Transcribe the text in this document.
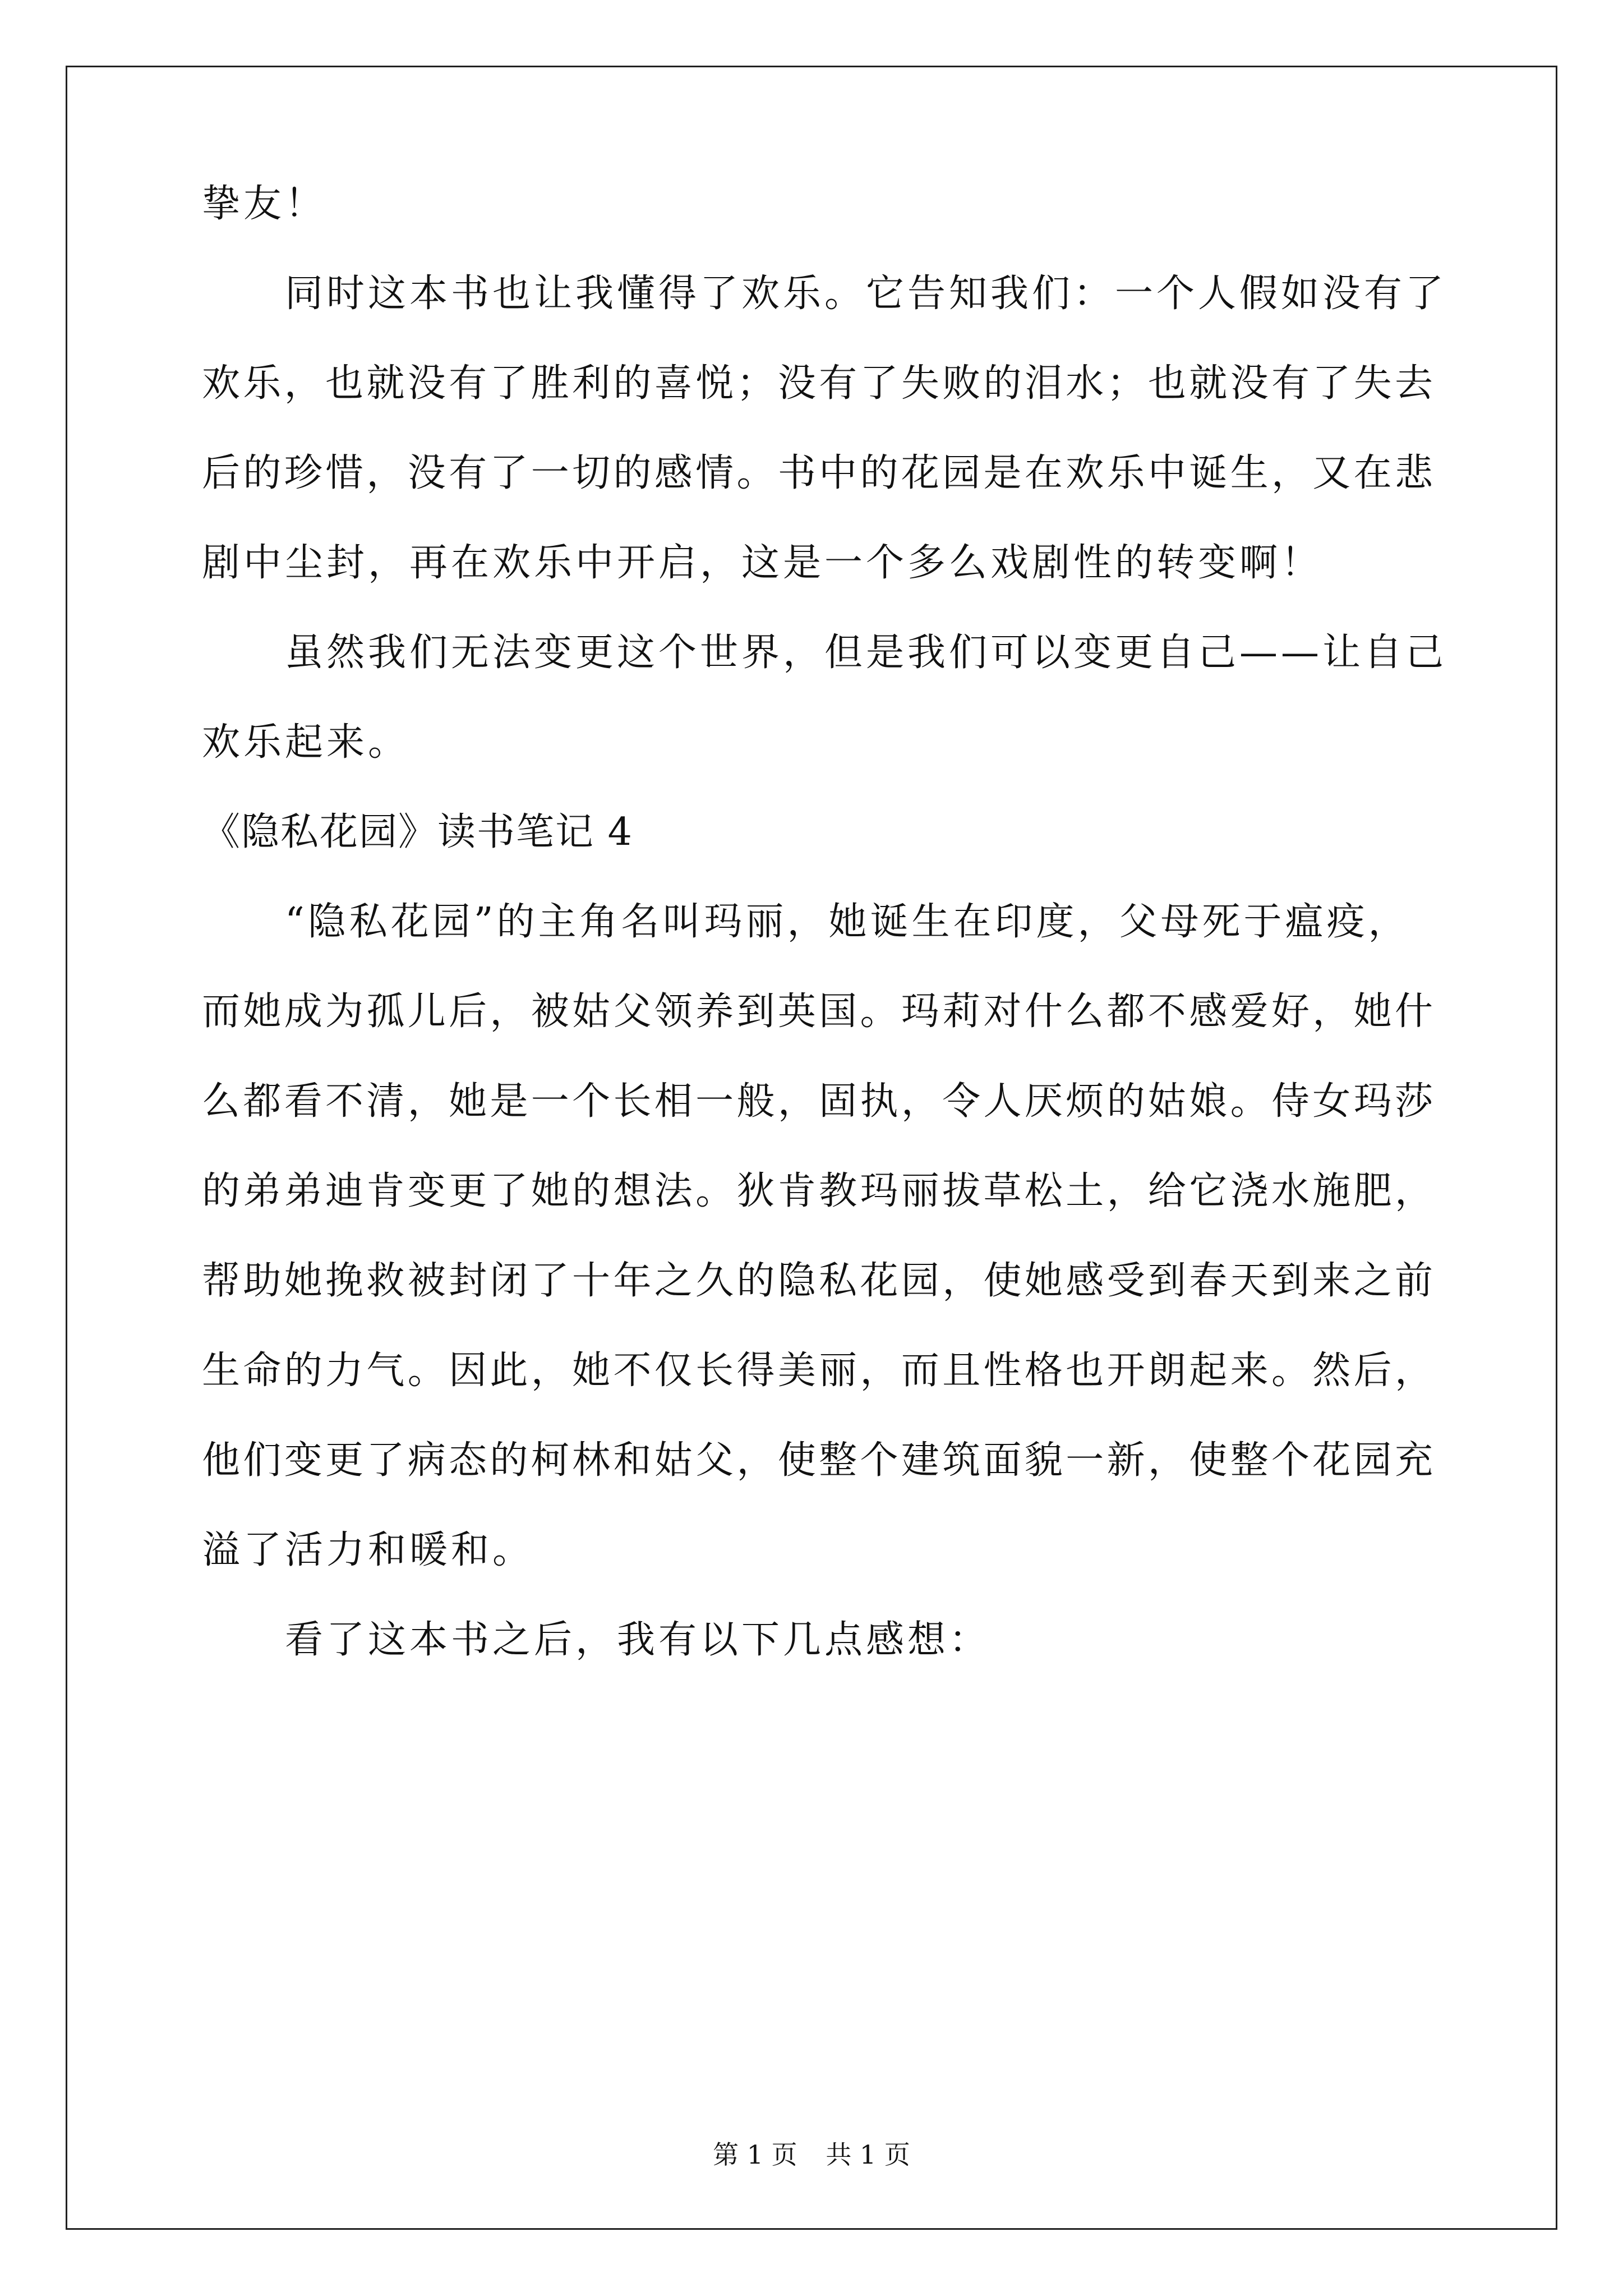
挚友！
同时这本书也让我懂得了欢乐。它告知我们：一个人假如没有了
欢乐，也就没有了胜利的喜悦；没有了失败的泪水；也就没有了失去
后的珍惜，没有了一切的感情。书中的花园是在欢乐中诞生，又在悲
剧中尘封，再在欢乐中开启，这是一个多么戏剧性的转变啊！
虽然我们无法变更这个世界，但是我们可以变更自己——让自己
欢乐起来。
《隐私花园》读书笔记 4
“隐私花园”的主角名叫玛丽，她诞生在印度，父母死于瘟疫，
而她成为孤儿后，被姑父领养到英国。玛莉对什么都不感爱好，她什
么都看不清，她是一个长相一般，固执，令人厌烦的姑娘。侍女玛莎
的弟弟迪肯变更了她的想法。狄肯教玛丽拔草松土，给它浇水施肥，
帮助她挽救被封闭了十年之久的隐私花园，使她感受到春天到来之前
生命的力气。因此，她不仅长得美丽，而且性格也开朗起来。然后，
他们变更了病态的柯林和姑父，使整个建筑面貌一新，使整个花园充
溢了活力和暖和。
看了这本书之后，我有以下几点感想：
第 1 页 共 1 页
